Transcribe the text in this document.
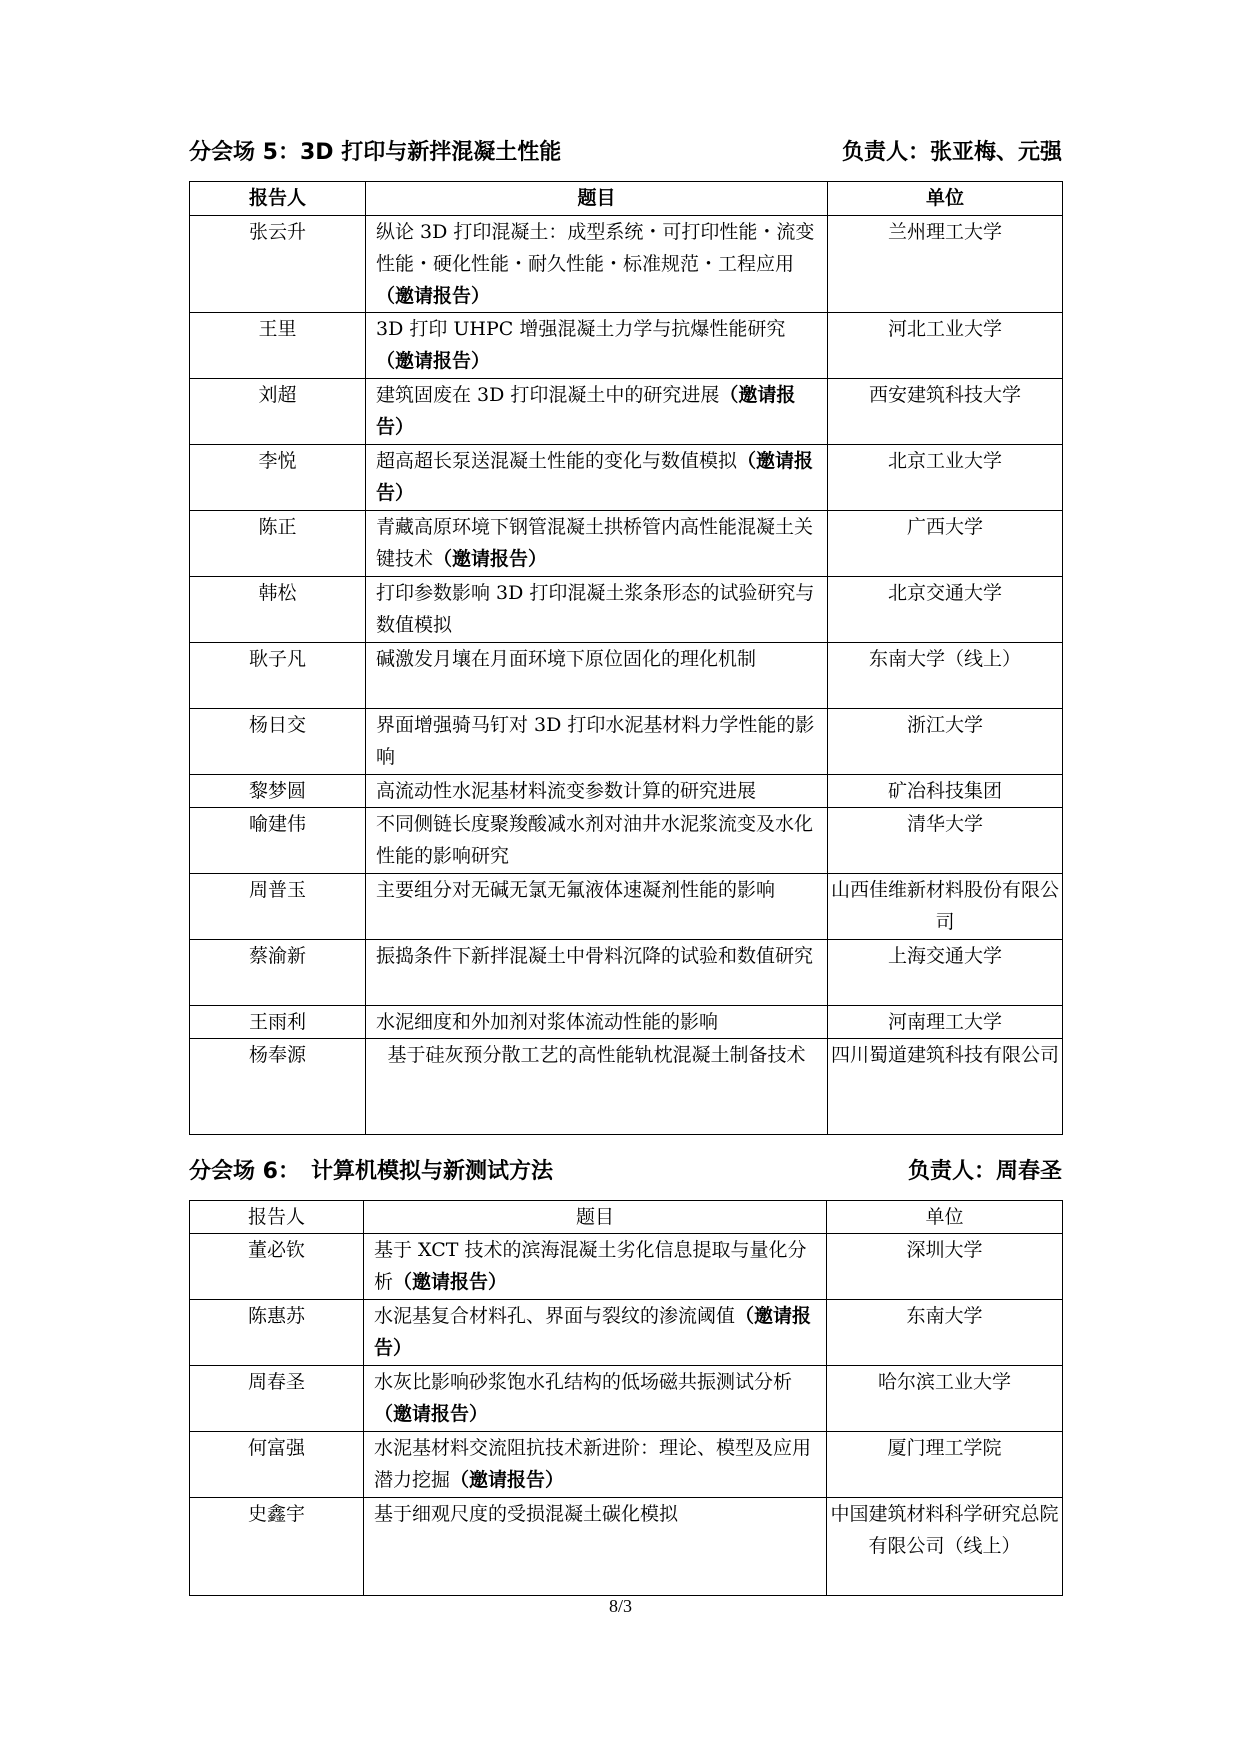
分会场 5：3D 打印与新拌混凝土性能	负责人：张亚梅、元强
报告人	题目	单位
张云升	纵论 3D 打印混凝土：成型系统・可打印性能・流变性能・硬化性能・耐久性能・标准规范・工程应用（邀请报告）	兰州理工大学
王里	3D 打印 UHPC 增强混凝土力学与抗爆性能研究（邀请报告）	河北工业大学
刘超	建筑固废在 3D 打印混凝土中的研究进展（邀请报告）	西安建筑科技大学
李悦	超高超长泵送混凝土性能的变化与数值模拟（邀请报告）	北京工业大学
陈正	青藏高原环境下钢管混凝土拱桥管内高性能混凝土关键技术（邀请报告）	广西大学
韩松	打印参数影响 3D 打印混凝土浆条形态的试验研究与数值模拟	北京交通大学
耿子凡	碱激发月壤在月面环境下原位固化的理化机制	东南大学（线上）
杨日交	界面增强骑马钉对 3D 打印水泥基材料力学性能的影响	浙江大学
黎梦圆	高流动性水泥基材料流变参数计算的研究进展	矿冶科技集团
喻建伟	不同侧链长度聚羧酸减水剂对油井水泥浆流变及水化性能的影响研究	清华大学
周普玉	主要组分对无碱无氯无氟液体速凝剂性能的影响	山西佳维新材料股份有限公司
蔡渝新	振捣条件下新拌混凝土中骨料沉降的试验和数值研究	上海交通大学
王雨利	水泥细度和外加剂对浆体流动性能的影响	河南理工大学
杨奉源	基于硅灰预分散工艺的高性能轨枕混凝土制备技术	四川蜀道建筑科技有限公司
分会场 6：　计算机模拟与新测试方法	负责人：周春圣
报告人	题目	单位
董必钦	基于 XCT 技术的滨海混凝土劣化信息提取与量化分析（邀请报告）	深圳大学
陈惠苏	水泥基复合材料孔、界面与裂纹的渗流阈值（邀请报告）	东南大学
周春圣	水灰比影响砂浆饱水孔结构的低场磁共振测试分析（邀请报告）	哈尔滨工业大学
何富强	水泥基材料交流阻抗技术新进阶：理论、模型及应用潜力挖掘（邀请报告）	厦门理工学院
史鑫宇	基于细观尺度的受损混凝土碳化模拟	中国建筑材料科学研究总院有限公司（线上）
8/3
